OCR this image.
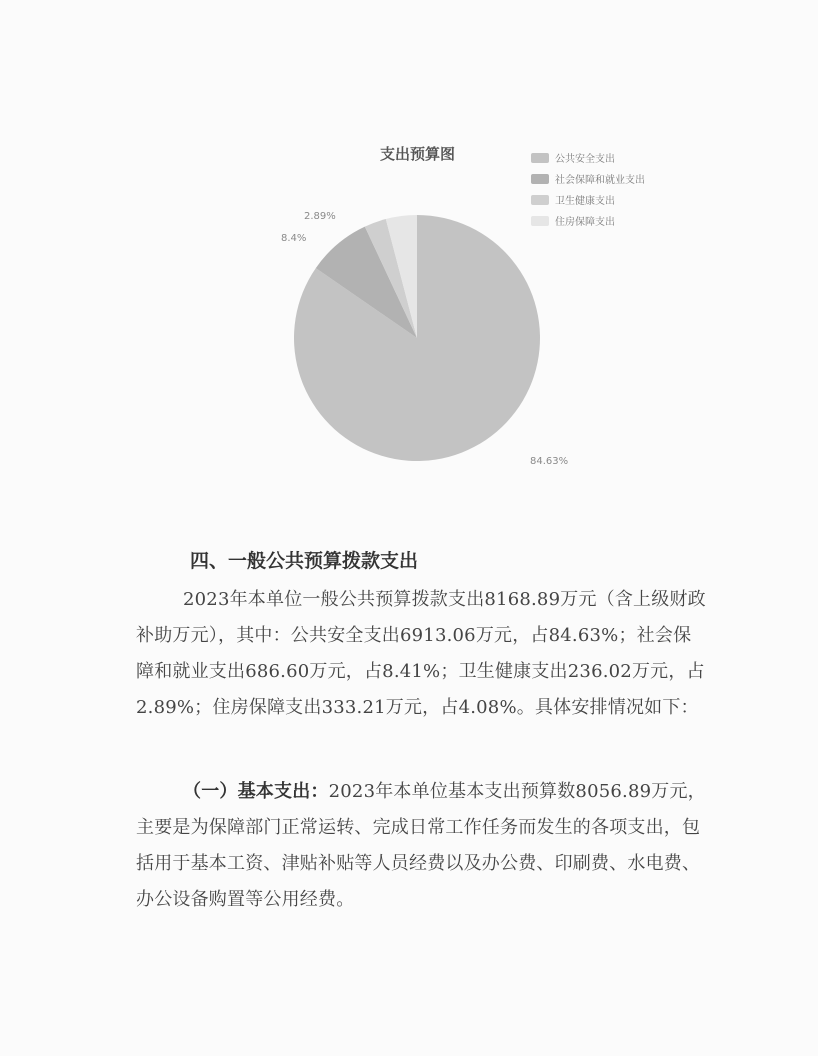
支出预算图	公共安全支出
社会保障和就业支出
卫生健康支出
住房保障支出
84.63%
8.4%
2.89%
四、一般公共预算拨款支出
2023年本单位一般公共预算拨款支出8168.89万元（含上级财政补助万元），其中：公共安全支出6913.06万元，占84.63%；社会保障和就业支出686.60万元，占8.41%；卫生健康支出236.02万元，占2.89%；住房保障支出333.21万元，占4.08%。具体安排情况如下：
（一）基本支出：2023年本单位基本支出预算数8056.89万元，主要是为保障部门正常运转、完成日常工作任务而发生的各项支出，包括用于基本工资、津贴补贴等人员经费以及办公费、印刷费、水电费、办公设备购置等公用经费。
